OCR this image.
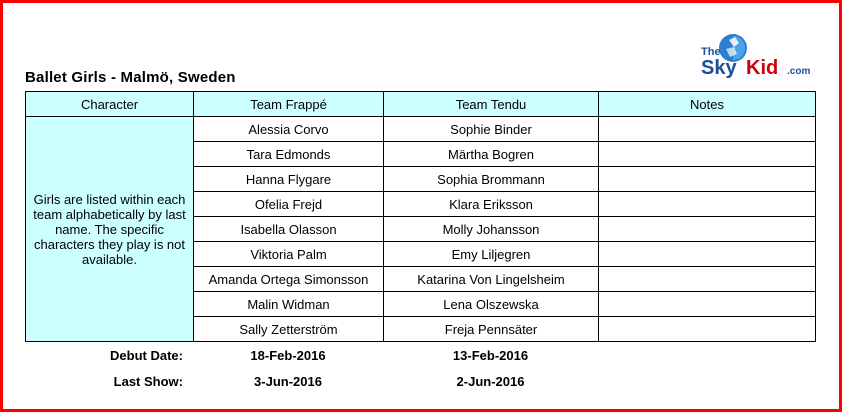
The
Sky Kid .com
Ballet Girls - Malmö, Sweden
Character	Team Frappé	Team Tendu	Notes
Girls are listed within each team alphabetically by last name. The specific characters they play is not available.	Alessia Corvo	Sophie Binder	
	Tara Edmonds	Märtha Bogren	
	Hanna Flygare	Sophia Brommann	
	Ofelia Frejd	Klara Eriksson	
	Isabella Olasson	Molly Johansson	
	Viktoria Palm	Emy Liljegren	
	Amanda Ortega Simonsson	Katarina Von Lingelsheim	
	Malin Widman	Lena Olszewska	
	Sally Zetterström	Freja Pennsäter	
Debut Date:	18-Feb-2016	13-Feb-2016	
Last Show:	3-Jun-2016	2-Jun-2016	
